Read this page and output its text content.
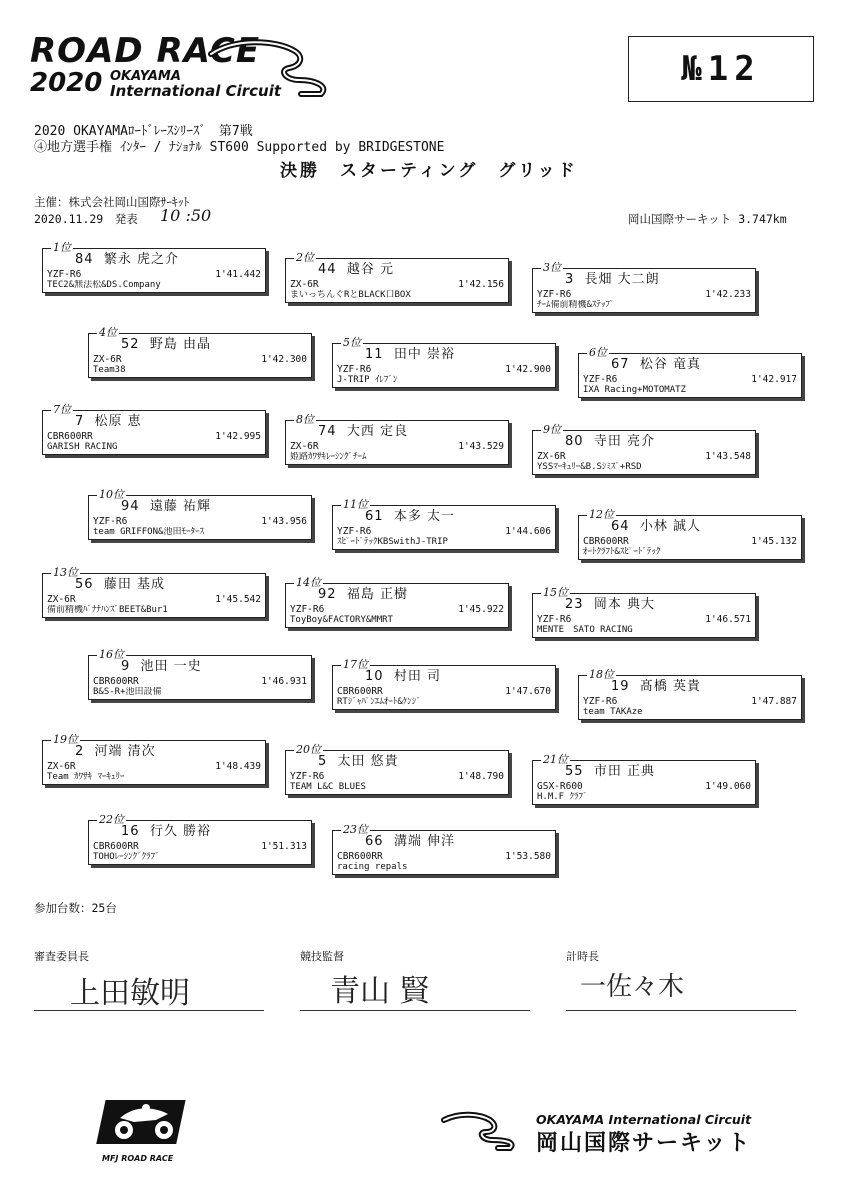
ROAD RACE
2020 OKAYAMA
International Circuit
№12
2020 OKAYAMAﾛｰﾄﾞﾚｰｽｼﾘｰｽﾞ　第7戦
④地方選手権 ｲﾝﾀｰ / ﾅｼｮﾅﾙ ST600 Supported by BRIDGESTONE
決勝　スターティング　グリッド
主催：株式会社岡山国際ｻｰｷｯﾄ
2020.11.29　発表 10 :50	岡山国際サーキット 3.747km
1位
84 繁永 虎之介
YZF-R6	1'41.442
TEC2&無法松&DS.Company
2位
44 越谷 元
ZX-6R	1'42.156
まいっちんぐRとBLACK口BOX
3位
3 長畑 大二朗
YZF-R6	1'42.233
ﾁｰﾑ備前精機&ｽﾃｯﾌﾟ
4位
52 野島 由晶
ZX-6R	1'42.300
Team38
5位
11 田中 崇裕
YZF-R6	1'42.900
J-TRIP ｲﾚﾌﾞﾝ
6位
67 松谷 竜真
YZF-R6	1'42.917
IXA Racing+MOTOMATZ
7位
7 松原 恵
CBR600RR	1'42.995
GARISH RACING
8位
74 大西 定良
ZX-6R	1'43.529
姫路ｶﾜｻｷﾚｰｼﾝｸﾞﾁｰﾑ
9位
80 寺田 亮介
ZX-6R	1'43.548
YSSﾏｰｷｭﾘｰ&B.Sｼﾐｽﾞ+RSD
10位
94 遠藤 祐輝
YZF-R6	1'43.956
team GRIFFON&池田ﾓｰﾀｰｽ
11位
61 本多 太一
YZF-R6	1'44.606
ｽﾋﾟｰﾄﾞﾃｯｸKBSwithJ-TRIP
12位
64 小林 誠人
CBR600RR	1'45.132
ｵｰﾄｸﾗﾌﾄ&ｽﾋﾟｰﾄﾞﾃｯｸ
13位
56 藤田 基成
ZX-6R	1'45.542
備前精機ﾊﾞﾅﾅﾊﾝｽﾞBEET&Bur1
14位
92 福島 正樹
YZF-R6	1'45.922
ToyBoy&FACTORY&MMRT
15位
23 岡本 典大
YZF-R6	1'46.571
MENTE　SATO RACING
16位
9 池田 一史
CBR600RR	1'46.931
B&S-R+池田設備
17位
10 村田 司
CBR600RR	1'47.670
RTｼﾞｬﾊﾟﾝｴﾑｵｰﾄ&ｹﾝｼﾞ
18位
19 髙橋 英貴
YZF-R6	1'47.887
team TAKAze
19位
2 河端 清次
ZX-6R	1'48.439
Team ｶﾜｻｷ ﾏｰｷｭﾘｰ
20位
5 太田 悠貴
YZF-R6	1'48.790
TEAM L&C BLUES
21位
55 市田 正典
GSX-R600	1'49.060
H.M.F ｸﾗﾌﾞ
22位
16 行久 勝裕
CBR600RR	1'51.313
TOHOﾚｰｼﾝｸﾞｸﾗﾌﾞ
23位
66 溝端 伸洋
CBR600RR	1'53.580
racing repals
参加台数：25台
審査委員長
上田敏明
競技監督
青山 賢
計時長
一佐々木
MFJ ROAD RACE
OKAYAMA International Circuit
岡山国際サーキット
